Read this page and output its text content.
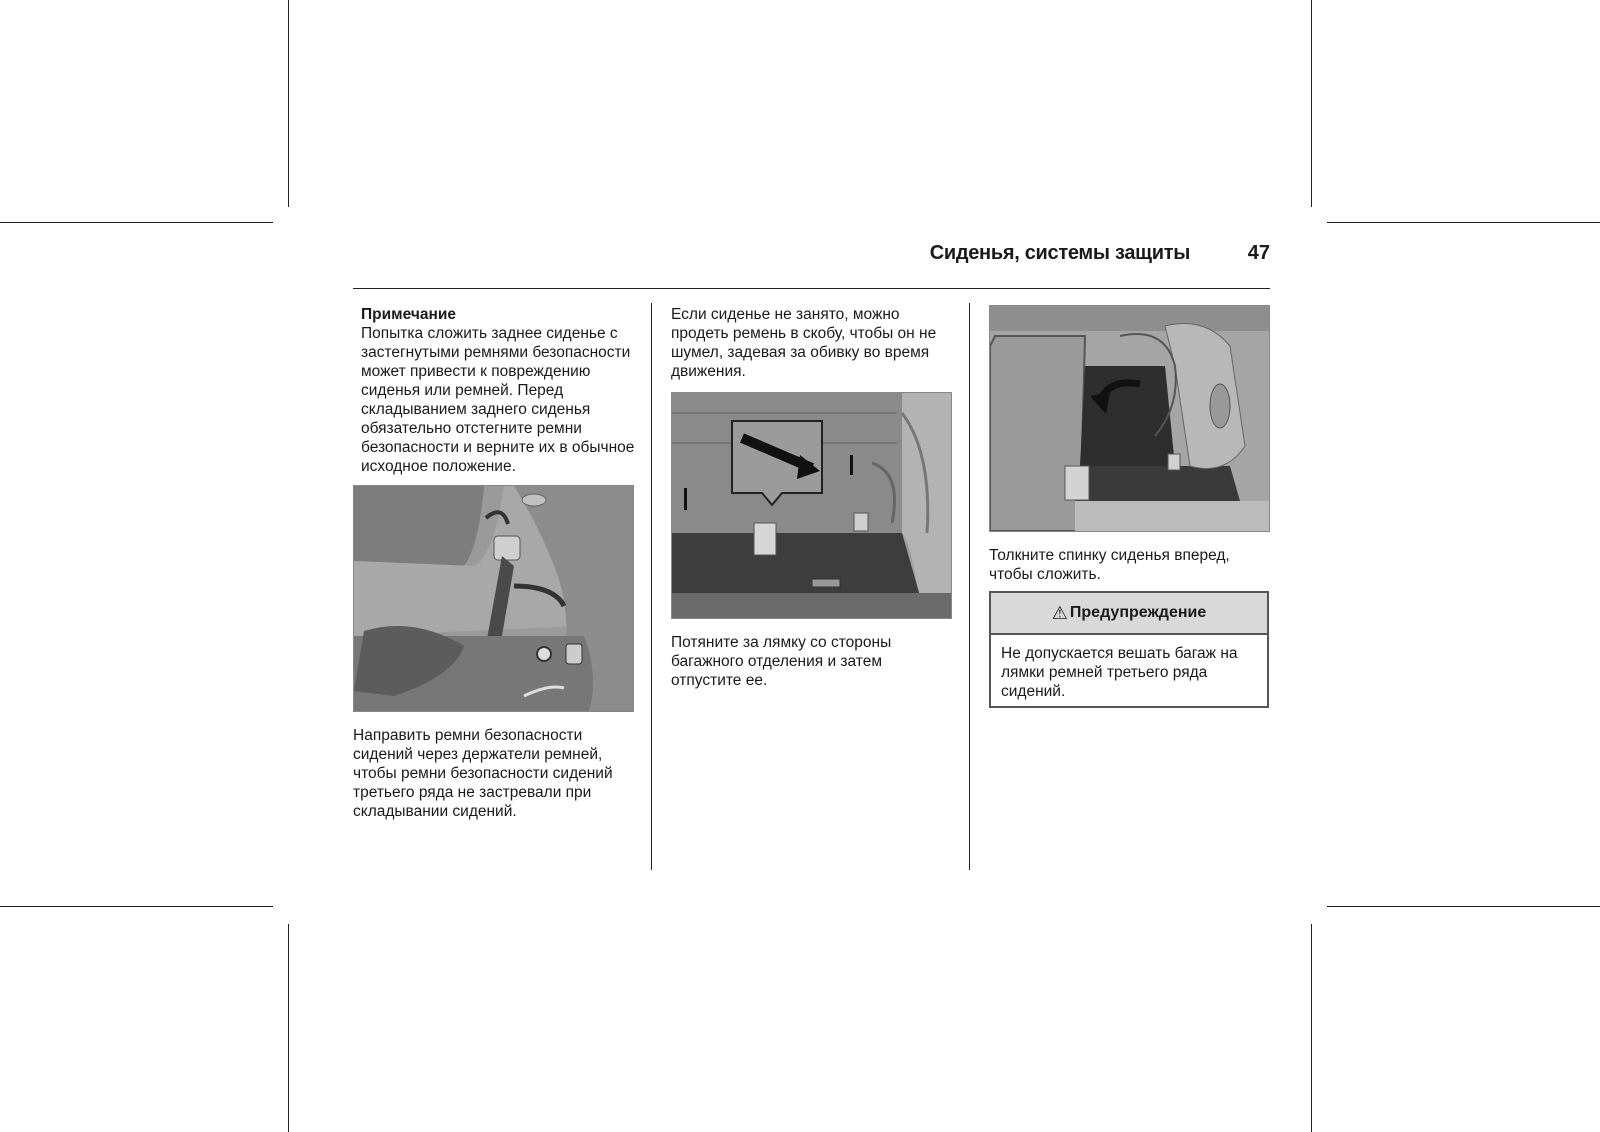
Сиденья, системы защиты	47
Примечание
Попытка сложить заднее сиденье с застегнутыми ремнями безопасности может привести к повреждению сиденья или ремней. Перед складыванием заднего сиденья обязательно отстегните ремни безопасности и верните их в обычное исходное положение.
Направить ремни безопасности сидений через держатели ремней, чтобы ремни безопасности сидений третьего ряда не застревали при складывании сидений.
Если сиденье не занято, можно продеть ремень в скобу, чтобы он не шумел, задевая за обивку во время движения.
Потяните за лямку со стороны багажного отделения и затем отпустите ее.
Толкните спинку сиденья вперед, чтобы сложить.
⚠ Предупреждение
Не допускается вешать багаж на лямки ремней третьего ряда сидений.
